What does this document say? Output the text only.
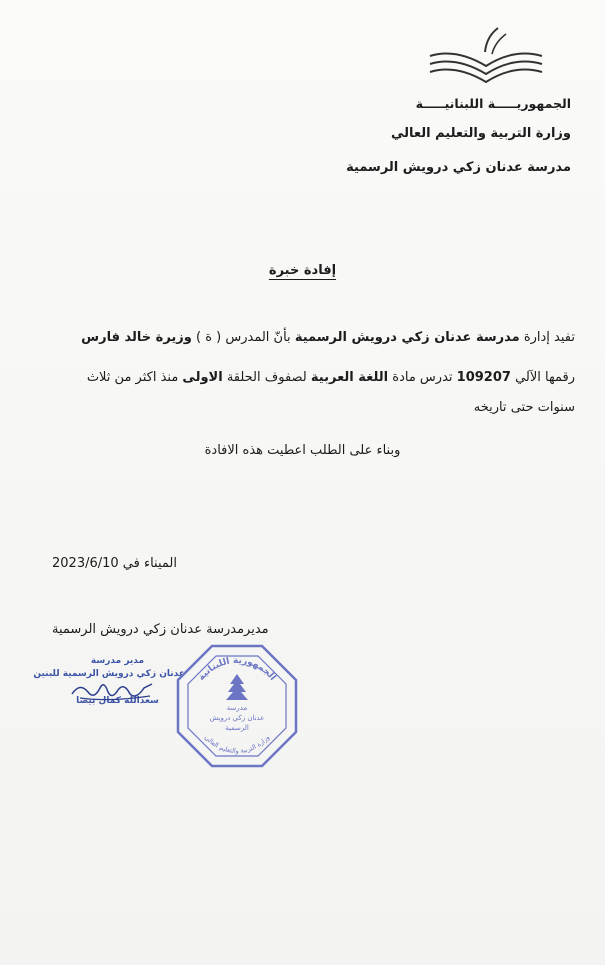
الجمهوريـــــة اللبنانيـــــة
وزارة التربية والتعليم العالي
مدرسة عدنان زكي درويش الرسمية
إفادة خبرة
تفيد إدارة مدرسة عدنان زكي درويش الرسمية بأنّ المدرس ( ة ) وزيرة خالد فارس
رقمها الآلي 109207 تدرس مادة اللغة العربية لصفوف الحلقة الاولى منذ اكثر من ثلاث
سنوات حتى تاريخه
وبناء على الطلب اعطيت هذه الافادة
الميناء في 2023/6/10
مديرمدرسة عدنان زكي درويش الرسمية
مدير مدرسة
عدنان زكي درويش الرسمية للبنين
سعدالله كمال بيضا
الجمهورية اللبنانية
وزارة التربية والتعليم العالي
مدرسة
عدنان زكي درويش
الرسمية
